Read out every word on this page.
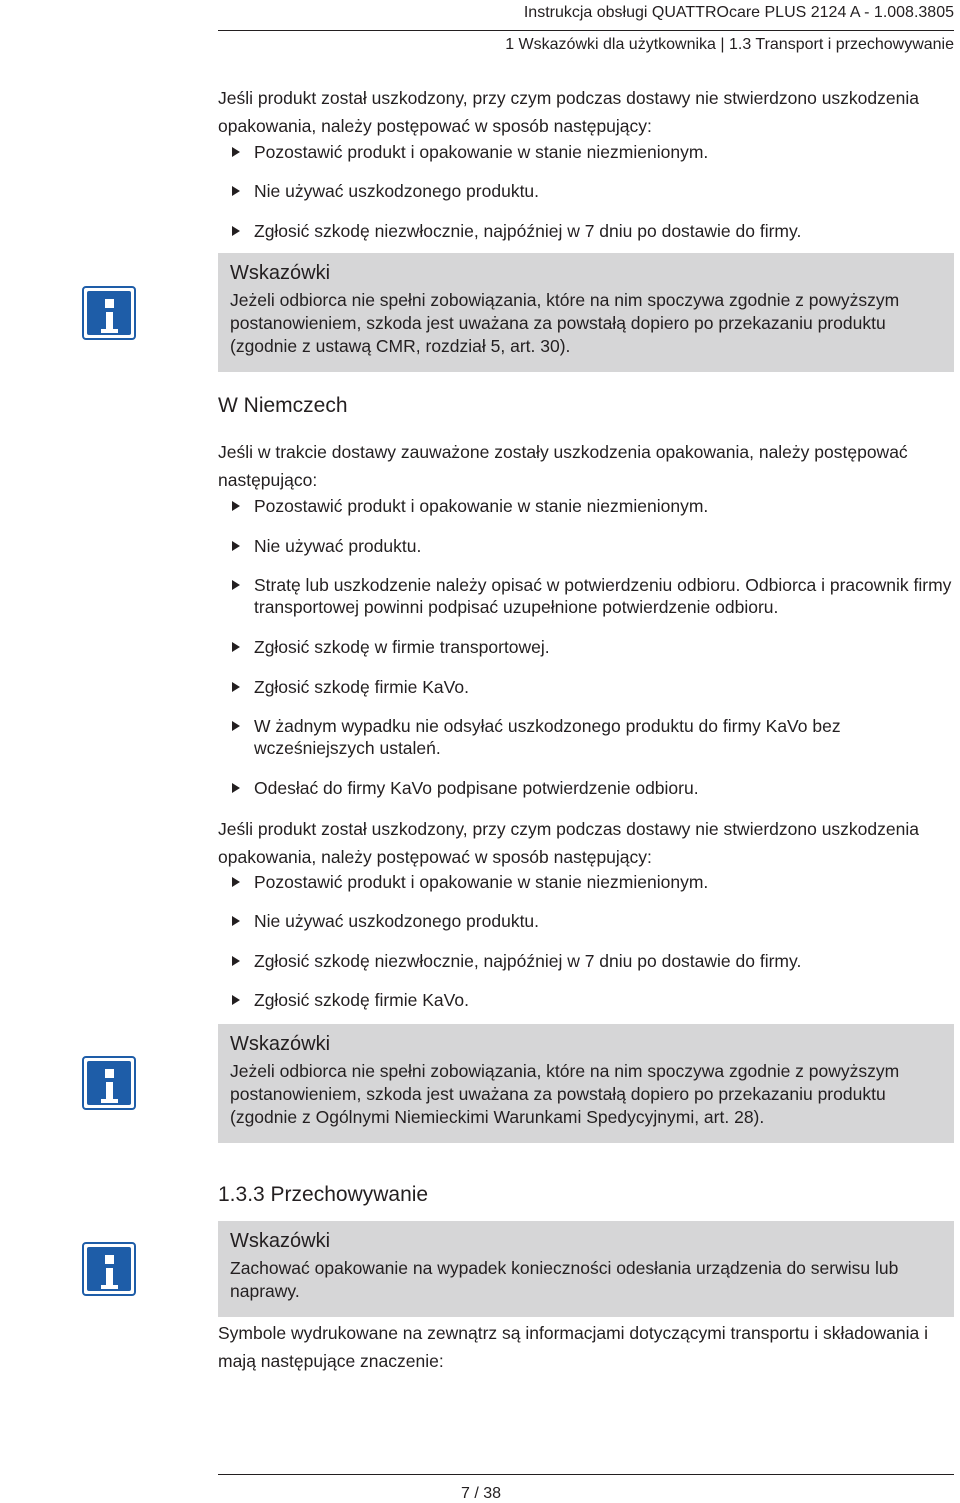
Instrukcja obsługi QUATTROcare PLUS 2124 A - 1.008.3805
1 Wskazówki dla użytkownika | 1.3 Transport i przechowywanie

Jeśli produkt został uszkodzony, przy czym podczas dostawy nie stwierdzono uszkodzenia opakowania, należy postępować w sposób następujący:

Pozostawić produkt i opakowanie w stanie niezmienionym.
Nie używać uszkodzonego produktu.
Zgłosić szkodę niezwłocznie, najpóźniej w 7 dniu po dostawie do firmy.

Wskazówki

Jeżeli odbiorca nie spełni zobowiązania, które na nim spoczywa zgodnie z powyższym postanowieniem, szkoda jest uważana za powstałą dopiero po przekazaniu produktu (zgodnie z ustawą CMR, rozdział 5, art. 30).

W Niemczech

Jeśli w trakcie dostawy zauważone zostały uszkodzenia opakowania, należy postępować następująco:

Pozostawić produkt i opakowanie w stanie niezmienionym.
Nie używać produktu.
Stratę lub uszkodzenie należy opisać w potwierdzeniu odbioru. Odbiorca i pracownik firmy transportowej powinni podpisać uzupełnione potwierdzenie odbioru.
Zgłosić szkodę w firmie transportowej.
Zgłosić szkodę firmie KaVo.
W żadnym wypadku nie odsyłać uszkodzonego produktu do firmy KaVo bez wcześniejszych ustaleń.
Odesłać do firmy KaVo podpisane potwierdzenie odbioru.

Jeśli produkt został uszkodzony, przy czym podczas dostawy nie stwierdzono uszkodzenia opakowania, należy postępować w sposób następujący:

Pozostawić produkt i opakowanie w stanie niezmienionym.
Nie używać uszkodzonego produktu.
Zgłosić szkodę niezwłocznie, najpóźniej w 7 dniu po dostawie do firmy.
Zgłosić szkodę firmie KaVo.

Wskazówki

Jeżeli odbiorca nie spełni zobowiązania, które na nim spoczywa zgodnie z powyższym postanowieniem, szkoda jest uważana za powstałą dopiero po przekazaniu produktu (zgodnie z Ogólnymi Niemieckimi Warunkami Spedycyjnymi, art. 28).

1.3.3 Przechowywanie

Wskazówki

Zachować opakowanie na wypadek konieczności odesłania urządzenia do serwisu lub naprawy.

Symbole wydrukowane na zewnątrz są informacjami dotyczącymi transportu i składowania i mają następujące znaczenie:

7 / 38
